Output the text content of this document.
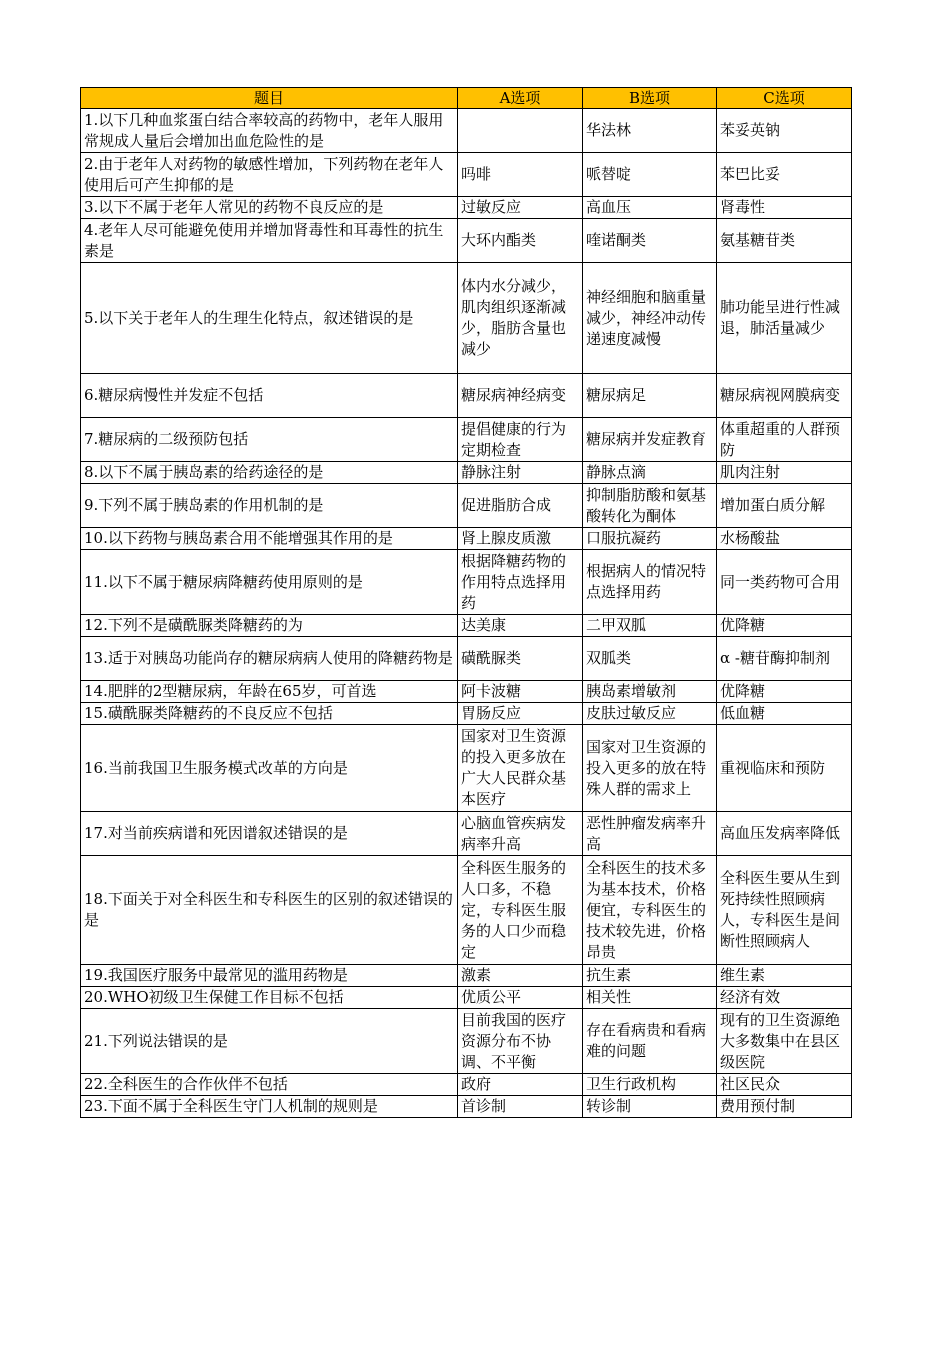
题目	A选项	B选项	C选项
1.以下几种血浆蛋白结合率较高的药物中，老年人服用常规成人量后会增加出血危险性的是		华法林	苯妥英钠
2.由于老年人对药物的敏感性增加，下列药物在老年人使用后可产生抑郁的是	吗啡	哌替啶	苯巴比妥
3.以下不属于老年人常见的药物不良反应的是	过敏反应	高血压	肾毒性
4.老年人尽可能避免使用并增加肾毒性和耳毒性的抗生素是	大环内酯类	喹诺酮类	氨基糖苷类
5.以下关于老年人的生理生化特点，叙述错误的是	体内水分减少，肌肉组织逐渐减少，脂肪含量也减少	神经细胞和脑重量减少，神经冲动传递速度减慢	肺功能呈进行性减退，肺活量减少
6.糖尿病慢性并发症不包括	糖尿病神经病变	糖尿病足	糖尿病视网膜病变
7.糖尿病的二级预防包括	提倡健康的行为定期检查	糖尿病并发症教育	体重超重的人群预防
8.以下不属于胰岛素的给药途径的是	静脉注射	静脉点滴	肌肉注射
9.下列不属于胰岛素的作用机制的是	促进脂肪合成	抑制脂肪酸和氨基酸转化为酮体	增加蛋白质分解
10.以下药物与胰岛素合用不能增强其作用的是	肾上腺皮质激	口服抗凝药	水杨酸盐
11.以下不属于糖尿病降糖药使用原则的是	根据降糖药物的作用特点选择用药	根据病人的情况特点选择用药	同一类药物可合用
12.下列不是磺酰脲类降糖药的为	达美康	二甲双胍	优降糖
13.适于对胰岛功能尚存的糖尿病病人使用的降糖药物是	磺酰脲类	双胍类	α -糖苷酶抑制剂
14.肥胖的2型糖尿病，年龄在65岁，可首选	阿卡波糖	胰岛素增敏剂	优降糖
15.磺酰脲类降糖药的不良反应不包括	胃肠反应	皮肤过敏反应	低血糖
16.当前我国卫生服务模式改革的方向是	国家对卫生资源的投入更多放在广大人民群众基本医疗	国家对卫生资源的投入更多的放在特殊人群的需求上	重视临床和预防
17.对当前疾病谱和死因谱叙述错误的是	心脑血管疾病发病率升高	恶性肿瘤发病率升高	高血压发病率降低
18.下面关于对全科医生和专科医生的区别的叙述错误的是	全科医生服务的人口多，不稳定，专科医生服务的人口少而稳定	全科医生的技术多为基本技术，价格便宜，专科医生的技术较先进，价格昂贵	全科医生要从生到死持续性照顾病人，专科医生是间断性照顾病人
19.我国医疗服务中最常见的滥用药物是	激素	抗生素	维生素
20.WHO初级卫生保健工作目标不包括	优质公平	相关性	经济有效
21.下列说法错误的是	目前我国的医疗资源分布不协调、不平衡	存在看病贵和看病难的问题	现有的卫生资源绝大多数集中在县区级医院
22.全科医生的合作伙伴不包括	政府	卫生行政机构	社区民众
23.下面不属于全科医生守门人机制的规则是	首诊制	转诊制	费用预付制
